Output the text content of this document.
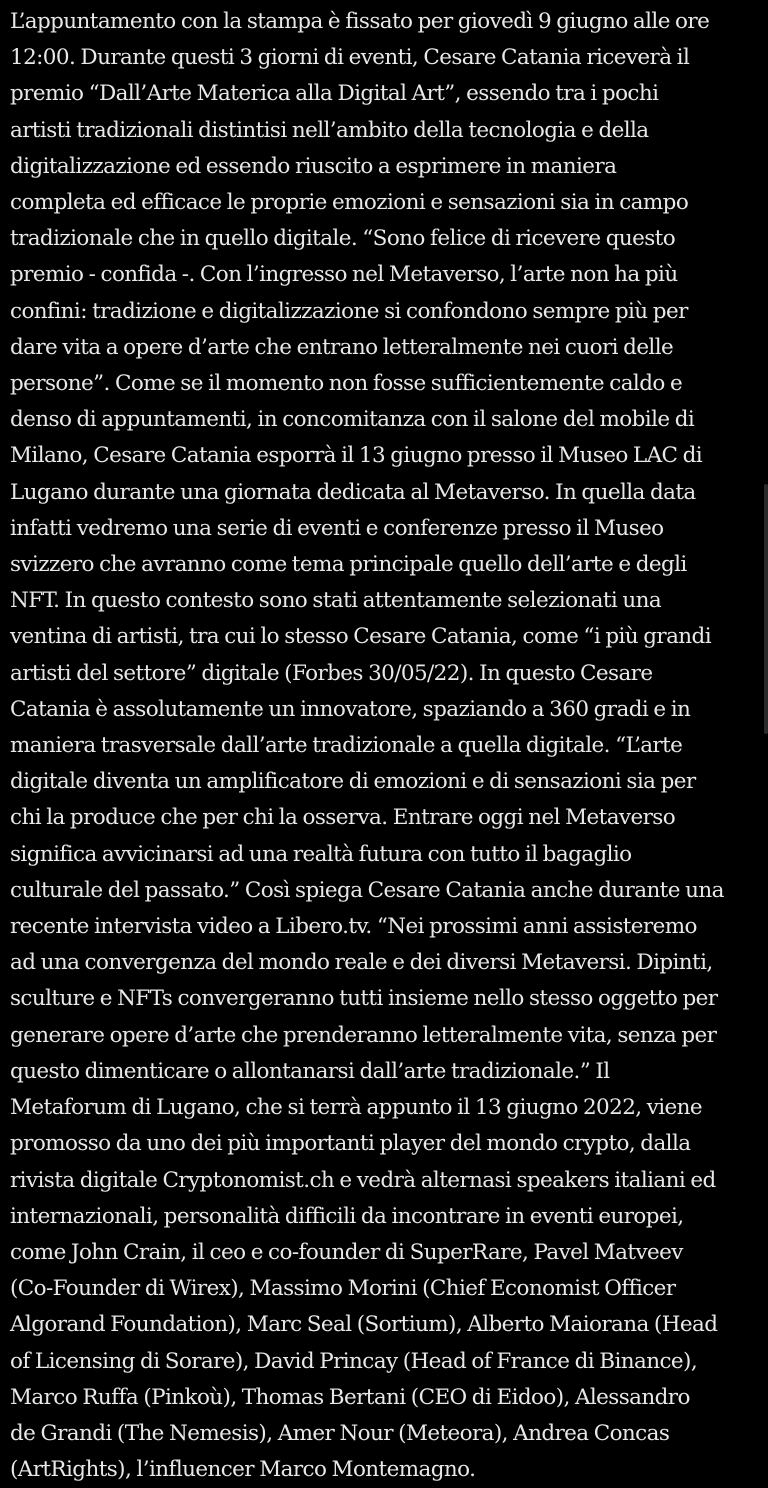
L’appuntamento con la stampa è fissato per giovedì 9 giugno alle ore
12:00. Durante questi 3 giorni di eventi, Cesare Catania riceverà il
premio “Dall’Arte Materica alla Digital Art”, essendo tra i pochi
artisti tradizionali distintisi nell’ambito della tecnologia e della
digitalizzazione ed essendo riuscito a esprimere in maniera
completa ed efficace le proprie emozioni e sensazioni sia in campo
tradizionale che in quello digitale. “Sono felice di ricevere questo
premio - confida -. Con l’ingresso nel Metaverso, l’arte non ha più
confini: tradizione e digitalizzazione si confondono sempre più per
dare vita a opere d’arte che entrano letteralmente nei cuori delle
persone”. Come se il momento non fosse sufficientemente caldo e
denso di appuntamenti, in concomitanza con il salone del mobile di
Milano, Cesare Catania esporrà il 13 giugno presso il Museo LAC di
Lugano durante una giornata dedicata al Metaverso. In quella data
infatti vedremo una serie di eventi e conferenze presso il Museo
svizzero che avranno come tema principale quello dell’arte e degli
NFT. In questo contesto sono stati attentamente selezionati una
ventina di artisti, tra cui lo stesso Cesare Catania, come “i più grandi
artisti del settore” digitale (Forbes 30/05/22). In questo Cesare
Catania è assolutamente un innovatore, spaziando a 360 gradi e in
maniera trasversale dall’arte tradizionale a quella digitale. “L’arte
digitale diventa un amplificatore di emozioni e di sensazioni sia per
chi la produce che per chi la osserva. Entrare oggi nel Metaverso
significa avvicinarsi ad una realtà futura con tutto il bagaglio
culturale del passato.” Così spiega Cesare Catania anche durante una
recente intervista video a Libero.tv. “Nei prossimi anni assisteremo
ad una convergenza del mondo reale e dei diversi Metaversi. Dipinti,
sculture e NFTs convergeranno tutti insieme nello stesso oggetto per
generare opere d’arte che prenderanno letteralmente vita, senza per
questo dimenticare o allontanarsi dall’arte tradizionale.” Il
Metaforum di Lugano, che si terrà appunto il 13 giugno 2022, viene
promosso da uno dei più importanti player del mondo crypto, dalla
rivista digitale Cryptonomist.ch e vedrà alternasi speakers italiani ed
internazionali, personalità difficili da incontrare in eventi europei,
come John Crain, il ceo e co-founder di SuperRare, Pavel Matveev
(Co-Founder di Wirex), Massimo Morini (Chief Economist Officer
Algorand Foundation), Marc Seal (Sortium), Alberto Maiorana (Head
of Licensing di Sorare), David Princay (Head of France di Binance),
Marco Ruffa (Pinkoù), Thomas Bertani (CEO di Eidoo), Alessandro
de Grandi (The Nemesis), Amer Nour (Meteora), Andrea Concas
(ArtRights), l’influencer Marco Montemagno.
